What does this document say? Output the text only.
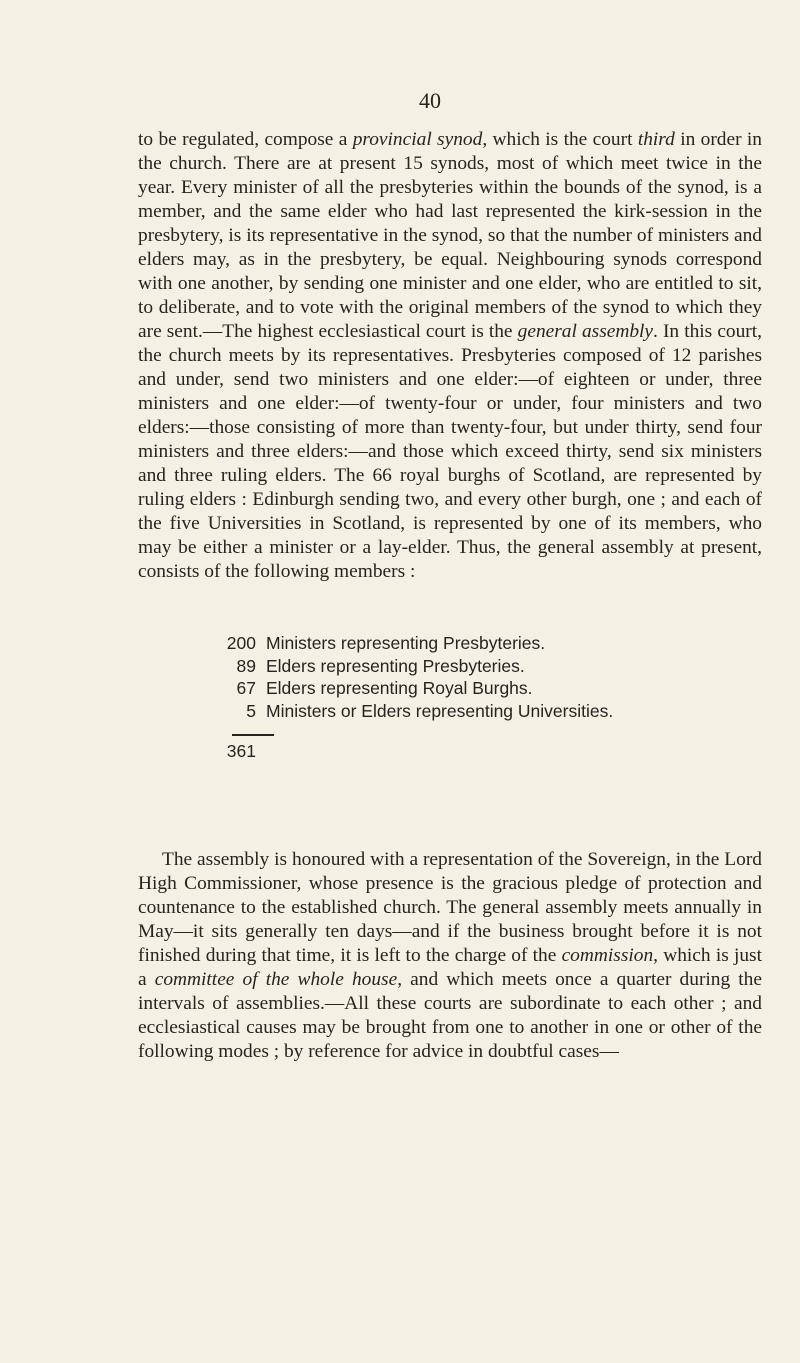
40

to be regulated, compose a provincial synod, which is the court third in order in the church. There are at present 15 synods, most of which meet twice in the year. Every minister of all the presbyteries within the bounds of the synod, is a member, and the same elder who had last represented the kirk-session in the presbytery, is its representative in the synod, so that the number of ministers and elders may, as in the presbytery, be equal. Neighbouring synods correspond with one another, by sending one minister and one elder, who are entitled to sit, to deliberate, and to vote with the original members of the synod to which they are sent.—The highest ecclesiastical court is the general assembly. In this court, the church meets by its representatives. Presbyteries composed of 12 parishes and under, send two ministers and one elder:—of eighteen or under, three ministers and one elder:—of twenty-four or under, four ministers and two elders:—those consisting of more than twenty-four, but under thirty, send four ministers and three elders:—and those which exceed thirty, send six ministers and three ruling elders. The 66 royal burghs of Scotland, are represented by ruling elders : Edinburgh sending two, and every other burgh, one ; and each of the five Universities in Scotland, is represented by one of its members, who may be either a minister or a lay-elder. Thus, the general assembly at present, consists of the following members :

200 Ministers representing Presbyteries.
89 Elders representing Presbyteries.
67 Elders representing Royal Burghs.
5 Ministers or Elders representing Universities.
361

The assembly is honoured with a representation of the Sovereign, in the Lord High Commissioner, whose presence is the gracious pledge of protection and countenance to the established church. The general assembly meets annually in May—it sits generally ten days—and if the business brought before it is not finished during that time, it is left to the charge of the commission, which is just a committee of the whole house, and which meets once a quarter during the intervals of assemblies.—All these courts are subordinate to each other ; and ecclesiastical causes may be brought from one to another in one or other of the following modes ; by reference for advice in doubtful cases—
